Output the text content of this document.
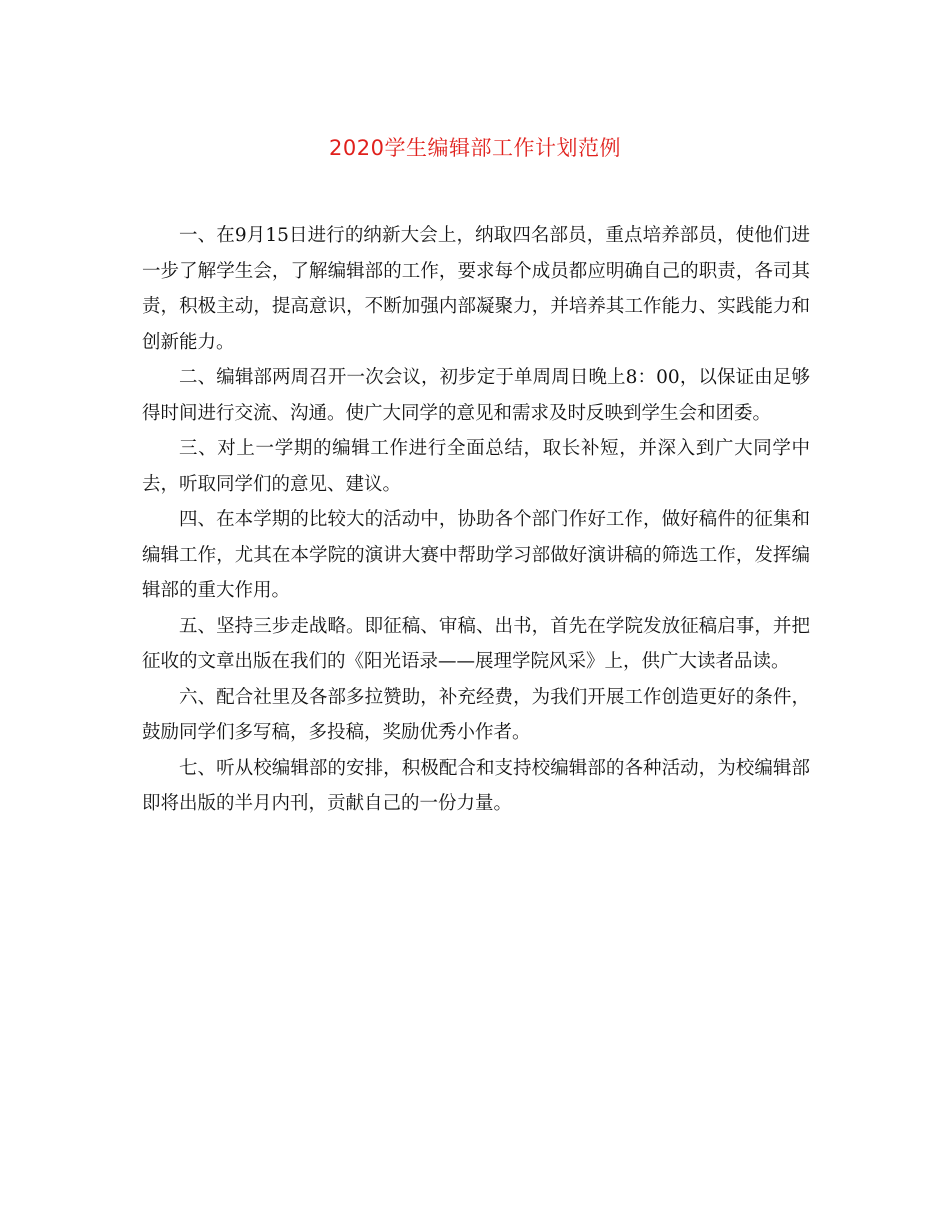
2020学生编辑部工作计划范例

一、在9月15日进行的纳新大会上，纳取四名部员，重点培养部员，使他们进一步了解学生会，了解编辑部的工作，要求每个成员都应明确自己的职责，各司其责，积极主动，提高意识，不断加强内部凝聚力，并培养其工作能力、实践能力和创新能力。

二、编辑部两周召开一次会议，初步定于单周周日晚上8：00，以保证由足够得时间进行交流、沟通。使广大同学的意见和需求及时反映到学生会和团委。

三、对上一学期的编辑工作进行全面总结，取长补短，并深入到广大同学中去，听取同学们的意见、建议。

四、在本学期的比较大的活动中，协助各个部门作好工作，做好稿件的征集和编辑工作，尤其在本学院的演讲大赛中帮助学习部做好演讲稿的筛选工作，发挥编辑部的重大作用。

五、坚持三步走战略。即征稿、审稿、出书，首先在学院发放征稿启事，并把征收的文章出版在我们的《阳光语录——展理学院风采》上，供广大读者品读。

六、配合社里及各部多拉赞助，补充经费，为我们开展工作创造更好的条件，鼓励同学们多写稿，多投稿，奖励优秀小作者。

七、听从校编辑部的安排，积极配合和支持校编辑部的各种活动，为校编辑部即将出版的半月内刊，贡献自己的一份力量。
